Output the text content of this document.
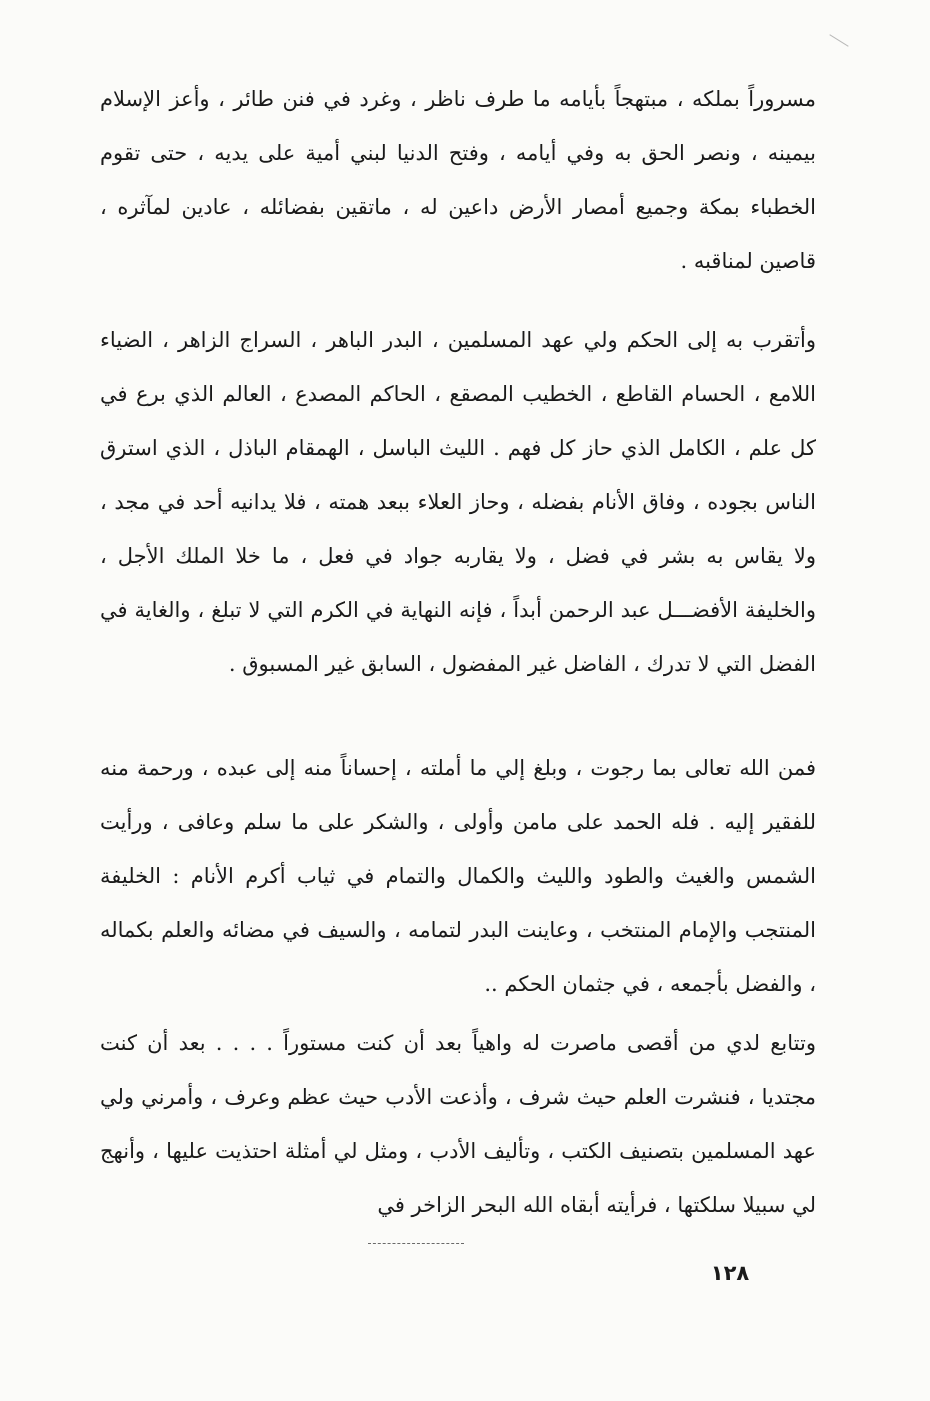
مسروراً بملكه ، مبتهجاً بأيامه ما طرف ناظر ، وغرد في فنن طائر ، وأعز الإسلام بيمينه ، ونصر الحق به وفي أيامه ، وفتح الدنيا لبني أمية على يديه ، حتى تقوم الخطباء بمكة وجميع أمصار الأرض داعين له ، ماتقين بفضائله ، عادين لمآثره ، قاصين لمناقبه .

وأتقرب به إلى الحكم ولي عهد المسلمين ، البدر الباهر ، السراج الزاهر ، الضياء اللامع ، الحسام القاطع ، الخطيب المصقع ، الحاكم المصدع ، العالم الذي برع في كل علم ، الكامل الذي حاز كل فهم . الليث الباسل ، الهمقام الباذل ، الذي استرق الناس بجوده ، وفاق الأنام بفضله ، وحاز العلاء ببعد همته ، فلا يدانيه أحد في مجد ، ولا يقاس به بشر في فضل ، ولا يقاربه جواد في فعل ، ما خلا الملك الأجل ، والخليفة الأفضـــل عبد الرحمن أبداً ، فإنه النهاية في الكرم التي لا تبلغ ، والغاية في الفضل التي لا تدرك ، الفاضل غير المفضول ، السابق غير المسبوق .

فمن الله تعالى بما رجوت ، وبلغ إلي ما أملته ، إحساناً منه إلى عبده ، ورحمة منه للفقير إليه . فله الحمد على مامن وأولى ، والشكر على ما سلم وعافى ، ورأيت الشمس والغيث والطود والليث والكمال والتمام في ثياب أكرم الأنام : الخليفة المنتجب والإمام المنتخب ، وعاينت البدر لتمامه ، والسيف في مضائه والعلم بكماله ، والفضل بأجمعه ، في جثمان الحكم ..

وتتابع لدي من أقصى ماصرت له واهياً بعد أن كنت مستوراً . . . . بعد أن كنت مجتديا ، فنشرت العلم حيث شرف ، وأذعت الأدب حيث عظم وعرف ، وأمرني ولي عهد المسلمين بتصنيف الكتب ، وتأليف الأدب ، ومثل لي أمثلة احتذيت عليها ، وأنهج لي سبيلا سلكتها ، فرأيته أبقاه الله البحر الزاخر في

١٢٨
